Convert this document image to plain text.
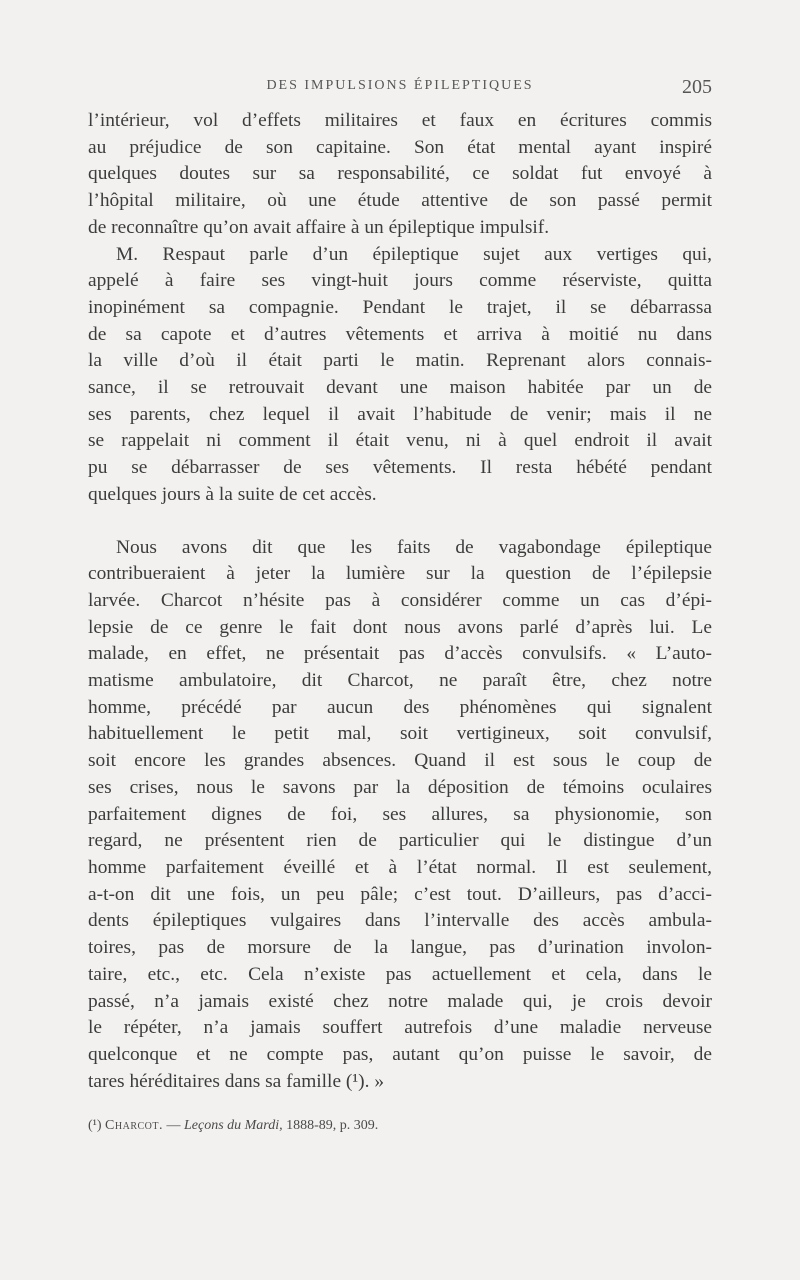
DES IMPULSIONS ÉPILEPTIQUES	205
l’intérieur, vol d’effets militaires et faux en écritures commis
au préjudice de son capitaine. Son état mental ayant inspiré
quelques doutes sur sa responsabilité, ce soldat fut envoyé à
l’hôpital militaire, où une étude attentive de son passé permit
de reconnaître qu’on avait affaire à un épileptique impulsif.
M. Respaut parle d’un épileptique sujet aux vertiges qui,
appelé à faire ses vingt-huit jours comme réserviste, quitta
inopinément sa compagnie. Pendant le trajet, il se débarrassa
de sa capote et d’autres vêtements et arriva à moitié nu dans
la ville d’où il était parti le matin. Reprenant alors connais-
sance, il se retrouvait devant une maison habitée par un de
ses parents, chez lequel il avait l’habitude de venir; mais il ne
se rappelait ni comment il était venu, ni à quel endroit il avait
pu se débarrasser de ses vêtements. Il resta hébété pendant
quelques jours à la suite de cet accès.
Nous avons dit que les faits de vagabondage épileptique
contribueraient à jeter la lumière sur la question de l’épilepsie
larvée. Charcot n’hésite pas à considérer comme un cas d’épi-
lepsie de ce genre le fait dont nous avons parlé d’après lui. Le
malade, en effet, ne présentait pas d’accès convulsifs. « L’auto-
matisme ambulatoire, dit Charcot, ne paraît être, chez notre
homme, précédé par aucun des phénomènes qui signalent
habituellement le petit mal, soit vertigineux, soit convulsif,
soit encore les grandes absences. Quand il est sous le coup de
ses crises, nous le savons par la déposition de témoins oculaires
parfaitement dignes de foi, ses allures, sa physionomie, son
regard, ne présentent rien de particulier qui le distingue d’un
homme parfaitement éveillé et à l’état normal. Il est seulement,
a-t-on dit une fois, un peu pâle; c’est tout. D’ailleurs, pas d’acci-
dents épileptiques vulgaires dans l’intervalle des accès ambula-
toires, pas de morsure de la langue, pas d’urination involon-
taire, etc., etc. Cela n’existe pas actuellement et cela, dans le
passé, n’a jamais existé chez notre malade qui, je crois devoir
le répéter, n’a jamais souffert autrefois d’une maladie nerveuse
quelconque et ne compte pas, autant qu’on puisse le savoir, de
tares héréditaires dans sa famille (¹). »
(¹) Charcot. — Leçons du Mardi, 1888-89, p. 309.
